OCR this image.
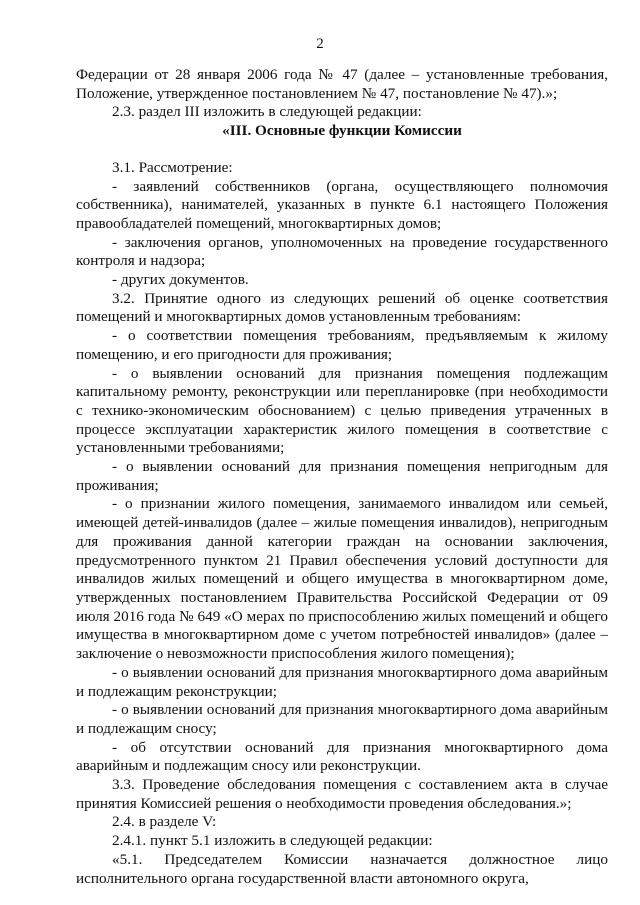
2

Федерации от 28 января 2006 года № 47 (далее – установленные требования, Положение, утвержденное постановлением № 47, постановление № 47).»;

2.3. раздел III изложить в следующей редакции:

«III. Основные функции Комиссии

3.1. Рассмотрение:

- заявлений собственников (органа, осуществляющего полномочия собственника), нанимателей, указанных в пункте 6.1 настоящего Положения правообладателей помещений, многоквартирных домов;

- заключения органов, уполномоченных на проведение государственного контроля и надзора;

- других документов.

3.2. Принятие одного из следующих решений об оценке соответствия помещений и многоквартирных домов установленным требованиям:

- о соответствии помещения требованиям, предъявляемым к жилому помещению, и его пригодности для проживания;

- о выявлении оснований для признания помещения подлежащим капитальному ремонту, реконструкции или перепланировке (при необходимости с технико-экономическим обоснованием) с целью приведения утраченных в процессе эксплуатации характеристик жилого помещения в соответствие с установленными требованиями;

- о выявлении оснований для признания помещения непригодным для проживания;

- о признании жилого помещения, занимаемого инвалидом или семьей, имеющей детей-инвалидов (далее – жилые помещения инвалидов), непригодным для проживания данной категории граждан на основании заключения, предусмотренного пунктом 21 Правил обеспечения условий доступности для инвалидов жилых помещений и общего имущества в многоквартирном доме, утвержденных постановлением Правительства Российской Федерации от 09 июля 2016 года № 649 «О мерах по приспособлению жилых помещений и общего имущества в многоквартирном доме с учетом потребностей инвалидов» (далее – заключение о невозможности приспособления жилого помещения);

- о выявлении оснований для признания многоквартирного дома аварийным и подлежащим реконструкции;

- о выявлении оснований для признания многоквартирного дома аварийным и подлежащим сносу;

- об отсутствии оснований для признания многоквартирного дома аварийным и подлежащим сносу или реконструкции.

3.3. Проведение обследования помещения с составлением акта в случае принятия Комиссией решения о необходимости проведения обследования.»;

2.4. в разделе V:

2.4.1. пункт 5.1 изложить в следующей редакции:

«5.1. Председателем Комиссии назначается должностное лицо исполнительного органа государственной власти автономного округа,
